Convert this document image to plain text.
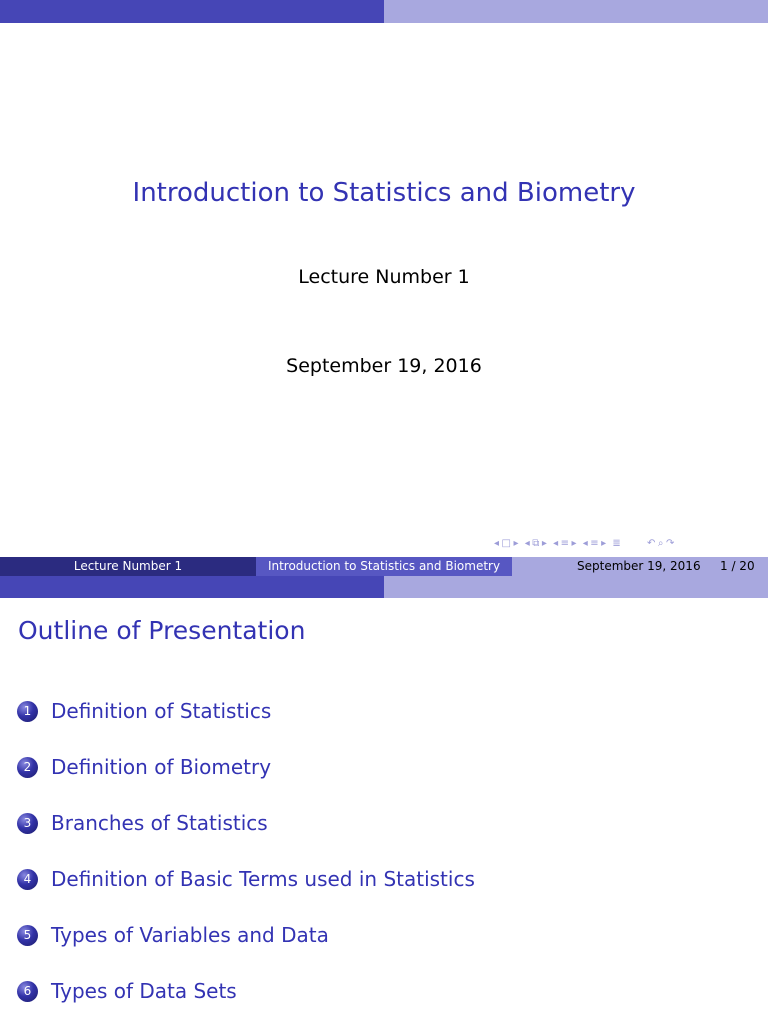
Introduction to Statistics and Biometry
Lecture Number 1
September 19, 2016
◂ □ ▸ ◂ ⧉ ▸ ◂ ≡ ▸ ◂ ≡ ▸ ≣	↶ ⌕ ↷
Lecture Number 1	Introduction to Statistics and Biometry	September 19, 2016 1 / 20
Outline of Presentation
1 Definition of Statistics
2 Definition of Biometry
3 Branches of Statistics
4 Definition of Basic Terms used in Statistics
5 Types of Variables and Data
6 Types of Data Sets
